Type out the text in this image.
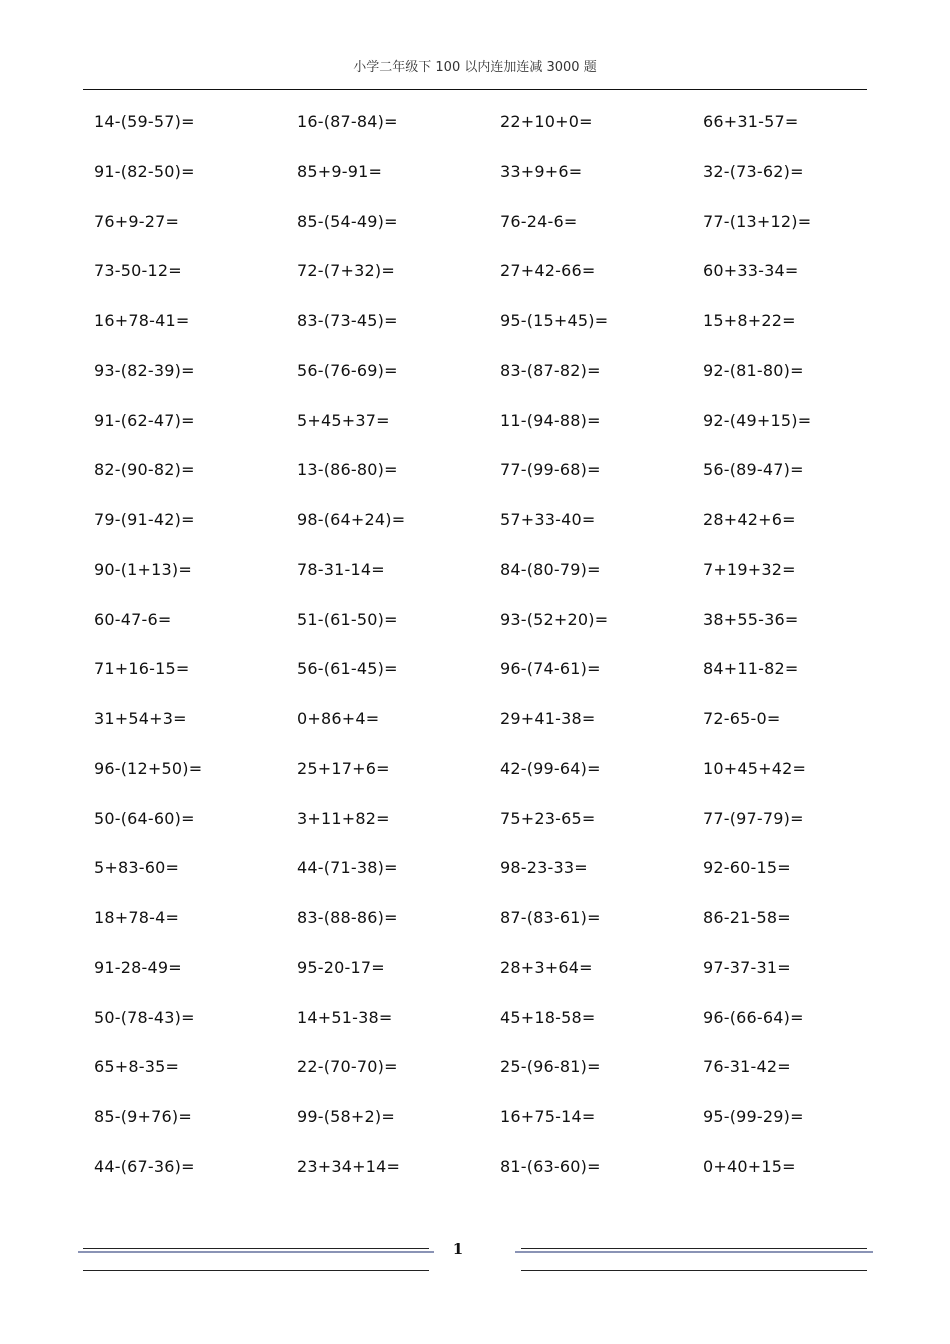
小学二年级下 100 以内连加连减 3000 题
14-(59-57)=	16-(87-84)=	22+10+0=	66+31-57=
91-(82-50)=	85+9-91=	33+9+6=	32-(73-62)=
76+9-27=	85-(54-49)=	76-24-6=	77-(13+12)=
73-50-12=	72-(7+32)=	27+42-66=	60+33-34=
16+78-41=	83-(73-45)=	95-(15+45)=	15+8+22=
93-(82-39)=	56-(76-69)=	83-(87-82)=	92-(81-80)=
91-(62-47)=	5+45+37=	11-(94-88)=	92-(49+15)=
82-(90-82)=	13-(86-80)=	77-(99-68)=	56-(89-47)=
79-(91-42)=	98-(64+24)=	57+33-40=	28+42+6=
90-(1+13)=	78-31-14=	84-(80-79)=	7+19+32=
60-47-6=	51-(61-50)=	93-(52+20)=	38+55-36=
71+16-15=	56-(61-45)=	96-(74-61)=	84+11-82=
31+54+3=	0+86+4=	29+41-38=	72-65-0=
96-(12+50)=	25+17+6=	42-(99-64)=	10+45+42=
50-(64-60)=	3+11+82=	75+23-65=	77-(97-79)=
5+83-60=	44-(71-38)=	98-23-33=	92-60-15=
18+78-4=	83-(88-86)=	87-(83-61)=	86-21-58=
91-28-49=	95-20-17=	28+3+64=	97-37-31=
50-(78-43)=	14+51-38=	45+18-58=	96-(66-64)=
65+8-35=	22-(70-70)=	25-(96-81)=	76-31-42=
85-(9+76)=	99-(58+2)=	16+75-14=	95-(99-29)=
44-(67-36)=	23+34+14=	81-(63-60)=	0+40+15=
1
